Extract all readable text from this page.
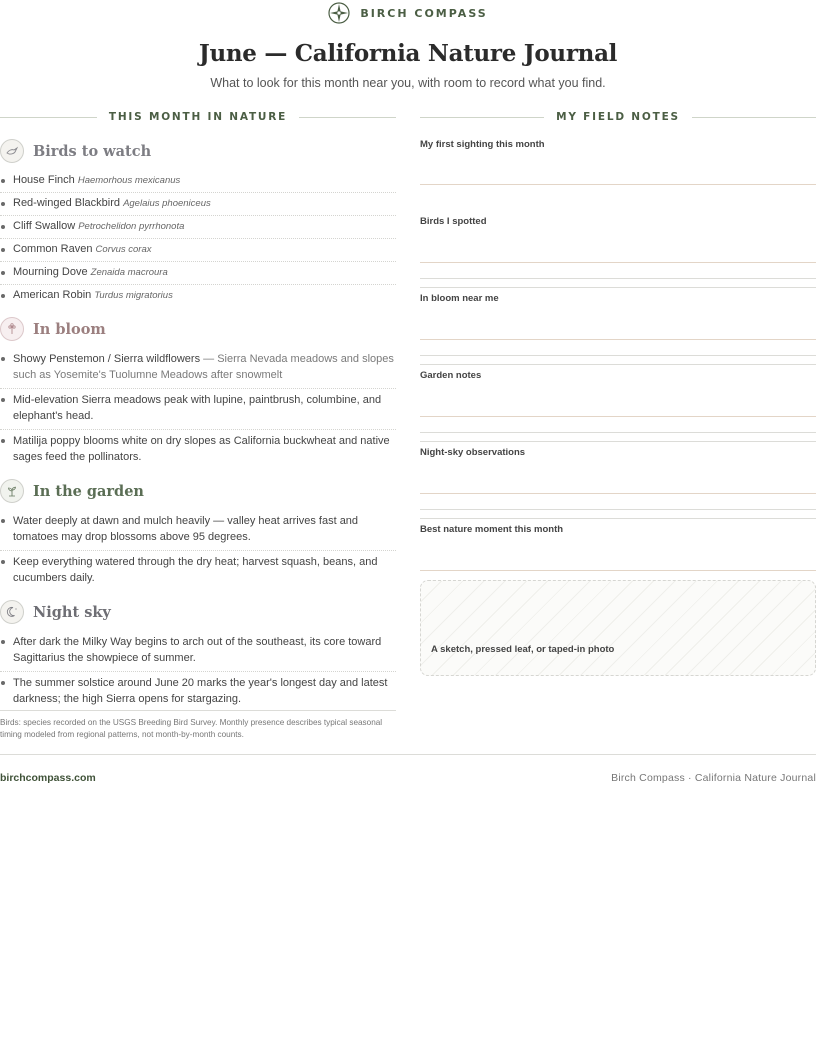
BIRCH COMPASS
June — California Nature Journal

What to look for this month near you, with room to record what you find.

THIS MONTH IN NATURE	MY FIELD NOTES
Birds to watch
House Finch Haemorhous mexicanus
Red-winged Blackbird Agelaius phoeniceus
Cliff Swallow Petrochelidon pyrrhonota
Common Raven Corvus corax
Mourning Dove Zenaida macroura
American Robin Turdus migratorius
In bloom
Showy Penstemon / Sierra wildflowers — Sierra Nevada meadows and slopes such as Yosemite's Tuolumne Meadows after snowmelt
Mid-elevation Sierra meadows peak with lupine, paintbrush, columbine, and elephant's head.
Matilija poppy blooms white on dry slopes as California buckwheat and native sages feed the pollinators.
In the garden
Water deeply at dawn and mulch heavily — valley heat arrives fast and tomatoes may drop blossoms above 95 degrees.
Keep everything watered through the dry heat; harvest squash, beans, and cucumbers daily.
Night sky
After dark the Milky Way begins to arch out of the southeast, its core toward Sagittarius the showpiece of summer.
The summer solstice around June 20 marks the year's longest day and latest darkness; the high Sierra opens for stargazing.

Birds: species recorded on the USGS Breeding Bird Survey. Monthly presence describes typical seasonal timing modeled from regional patterns, not month-by-month counts.

My first sighting this month
Birds I spotted
In bloom near me
Garden notes
Night-sky observations
Best nature moment this month
A sketch, pressed leaf, or taped-in photo
birchcompass.com	Birch Compass · California Nature Journal
